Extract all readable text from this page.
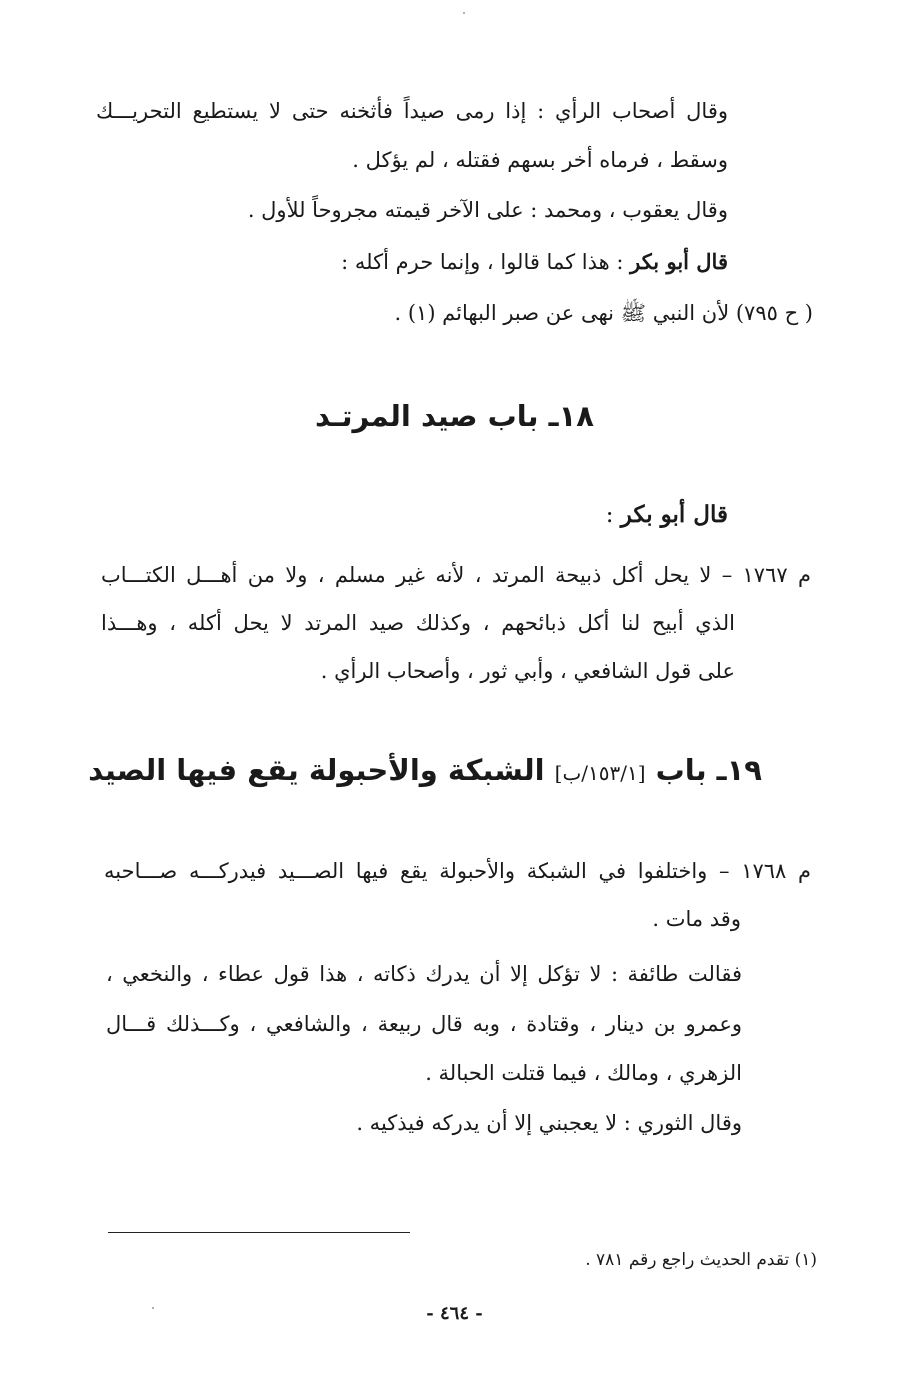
وقال أصحاب الرأي : إذا رمى صيداً فأثخنه حتى لا يستطيع التحريـــك
وسقط ، فرماه أخر بسهم فقتله ، لم يؤكل .
وقال يعقوب ، ومحمد : على الآخر قيمته مجروحاً للأول .
قال أبو بكر : هذا كما قالوا ، وإنما حرم أكله :
( ح ٧٩٥) لأن النبي ﷺ نهى عن صبر البهائم (١) .
١٨ـ باب صيد المرتـد
قال أبو بكر :
م ١٧٦٧ – لا يحل أكل ذبيحة المرتد ، لأنه غير مسلم ، ولا من أهـــل الكتـــاب
الذي أبيح لنا أكل ذبائحهم ، وكذلك صيد المرتد لا يحل أكله ، وهـــذا
على قول الشافعي ، وأبي ثور ، وأصحاب الرأي .
١٩ـ باب [١٥٣/١/ب] الشبكة والأحبولة يقع فيها الصيد
م ١٧٦٨ – واختلفوا في الشبكة والأحبولة يقع فيها الصـــيد فيدركـــه صـــاحبه
وقد مات .
فقالت طائفة : لا تؤكل إلا أن يدرك ذكاته ، هذا قول عطاء ، والنخعي ،
وعمرو بن دينار ، وقتادة ، وبه قال ربيعة ، والشافعي ، وكـــذلك قـــال
الزهري ، ومالك ، فيما قتلت الحبالة .
وقال الثوري : لا يعجبني إلا أن يدركه فيذكيه .
(١) تقدم الحديث راجع رقم ٧٨١ .
- ٤٦٤ -
